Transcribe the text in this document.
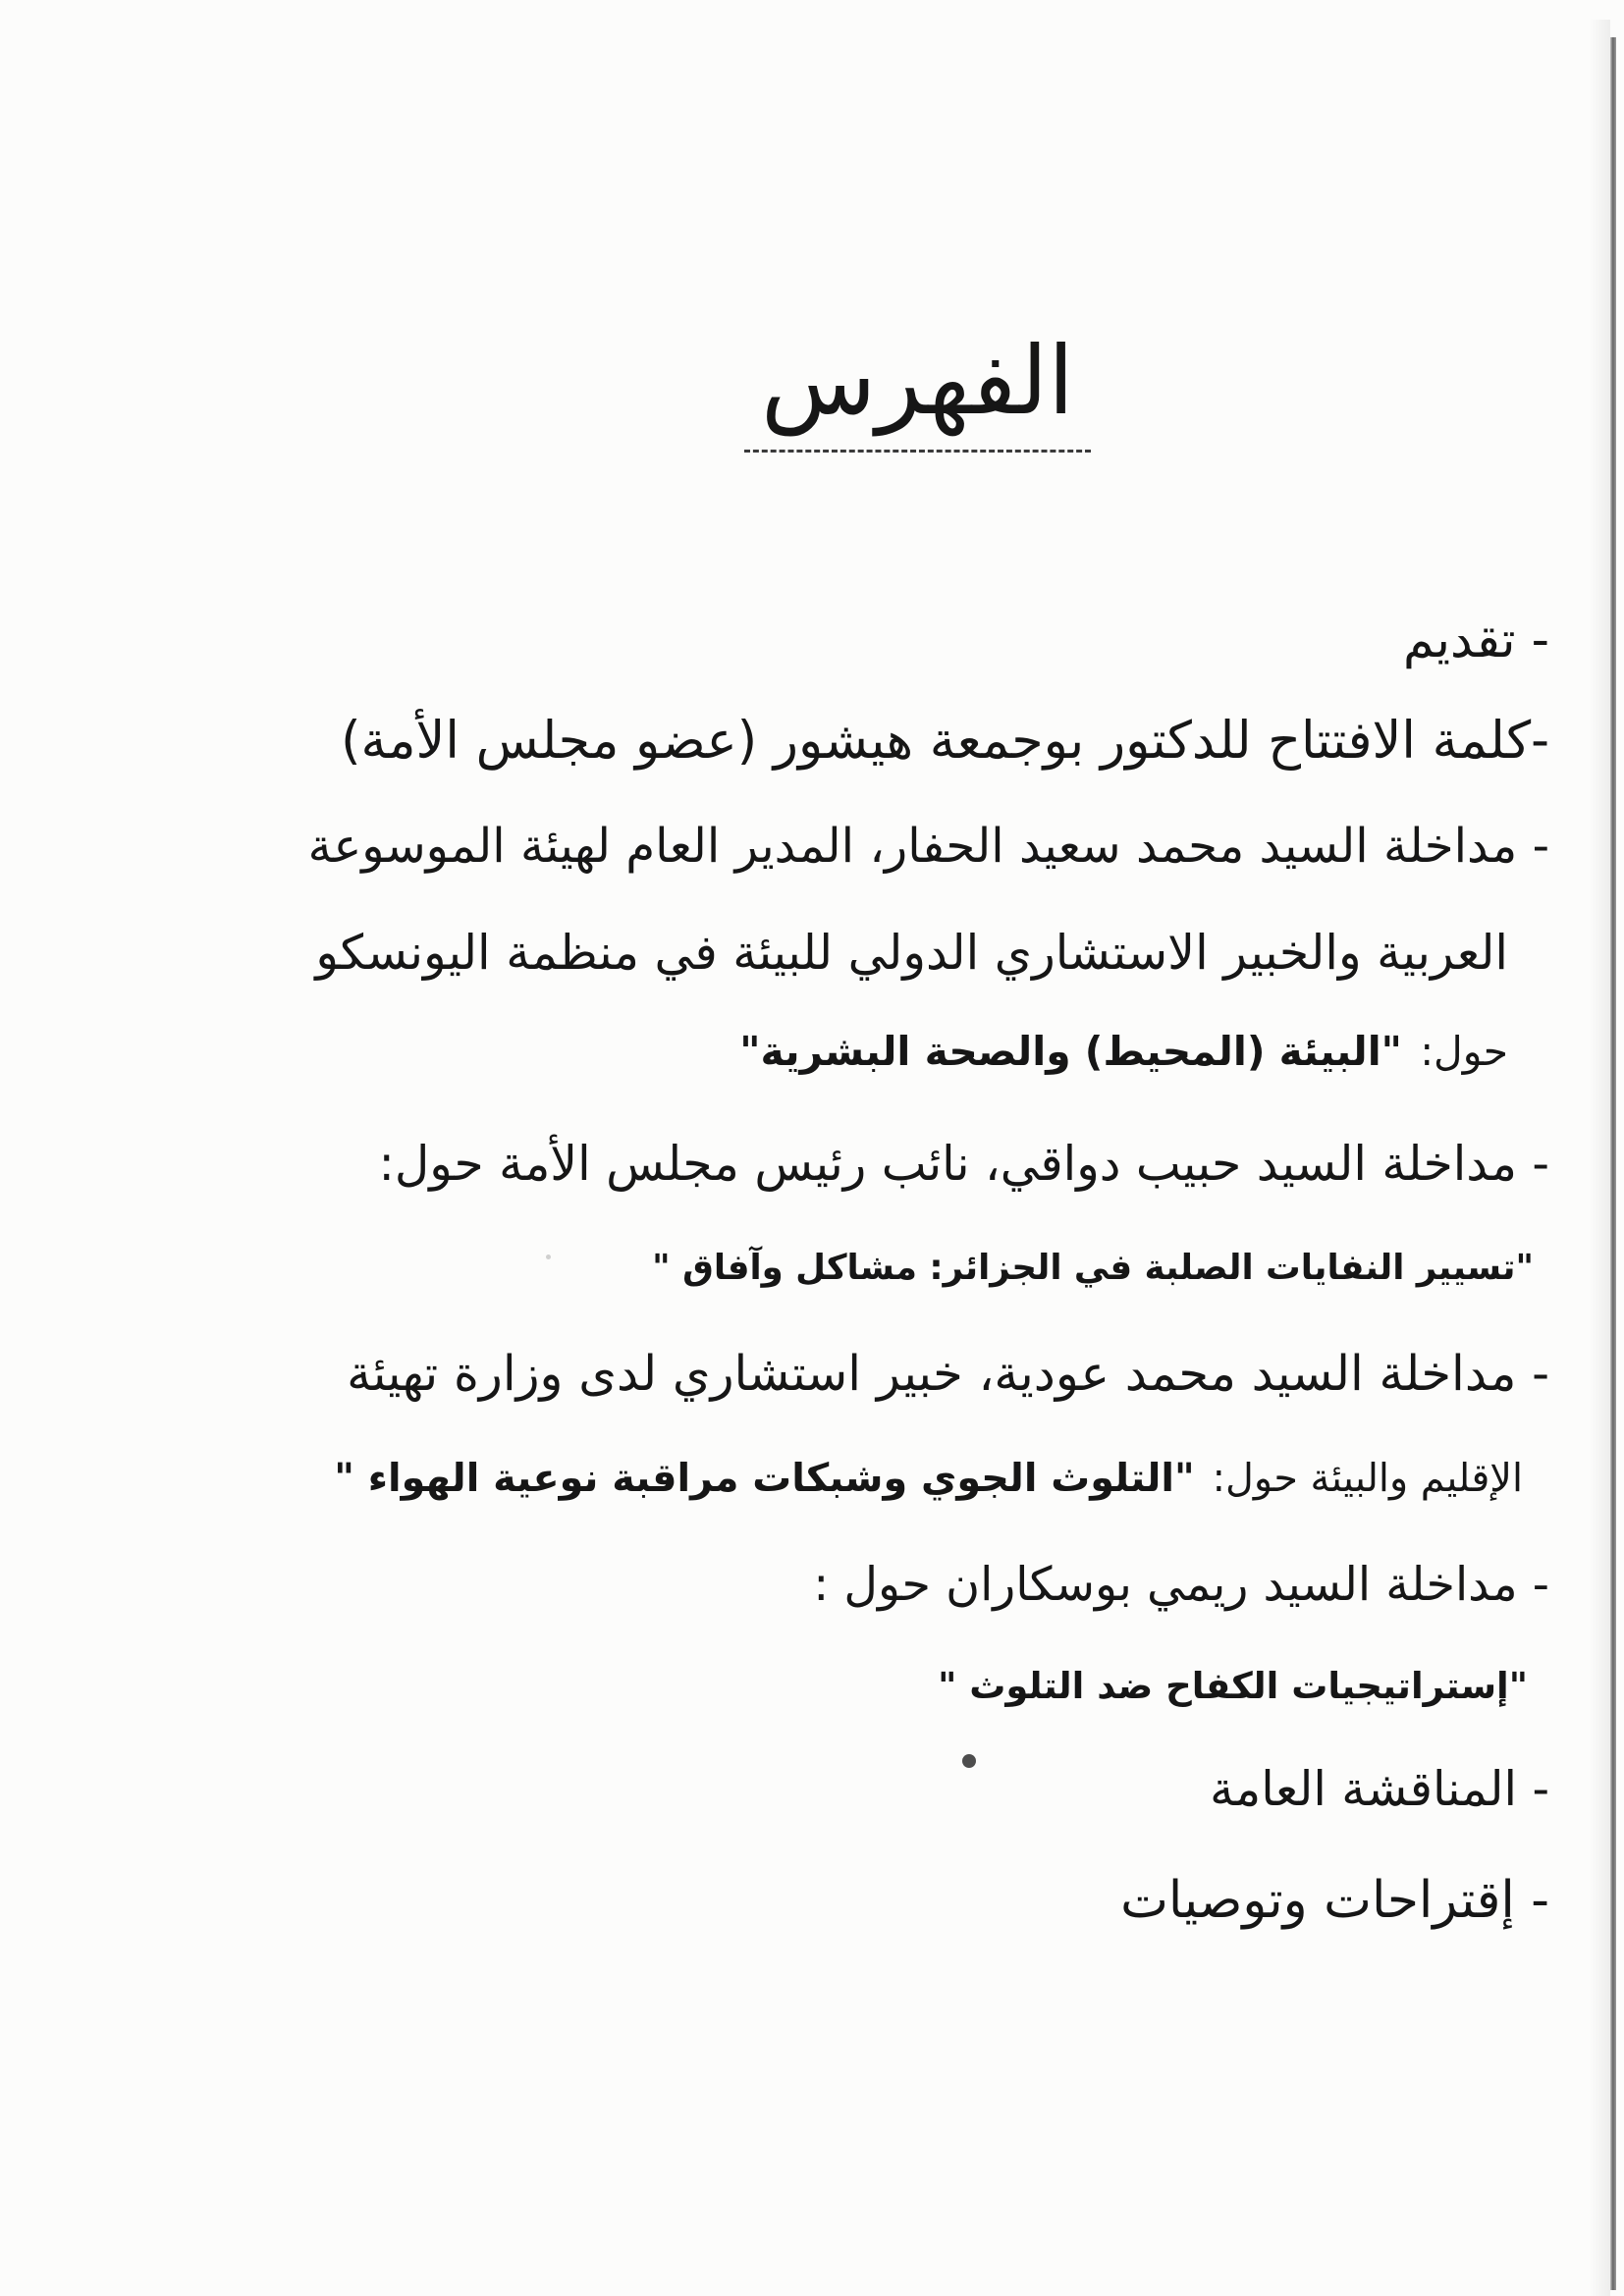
الفهرس
- تقديم
-كلمة الافتتاح للدكتور بوجمعة هيشور (عضو مجلس الأمة)
- مداخلة السيد محمد سعيد الحفار، المدير العام لهيئة الموسوعة
العربية والخبير الاستشاري الدولي للبيئة في منظمة اليونسكو
حول:"البيئة (المحيط) والصحة البشرية"
- مداخلة السيد حبيب دواقي، نائب رئيس مجلس الأمة حول:
"تسيير النفايات الصلبة في الجزائر: مشاكل وآفاق "
- مداخلة السيد محمد عودية، خبير استشاري لدى وزارة تهيئة
الإقليم والبيئة حول:"التلوث الجوي وشبكات مراقبة نوعية الهواء "
- مداخلة السيد ريمي بوسكاران حول :
"إستراتيجيات الكفاح ضد التلوث "
- المناقشة العامة
- إقتراحات وتوصيات
